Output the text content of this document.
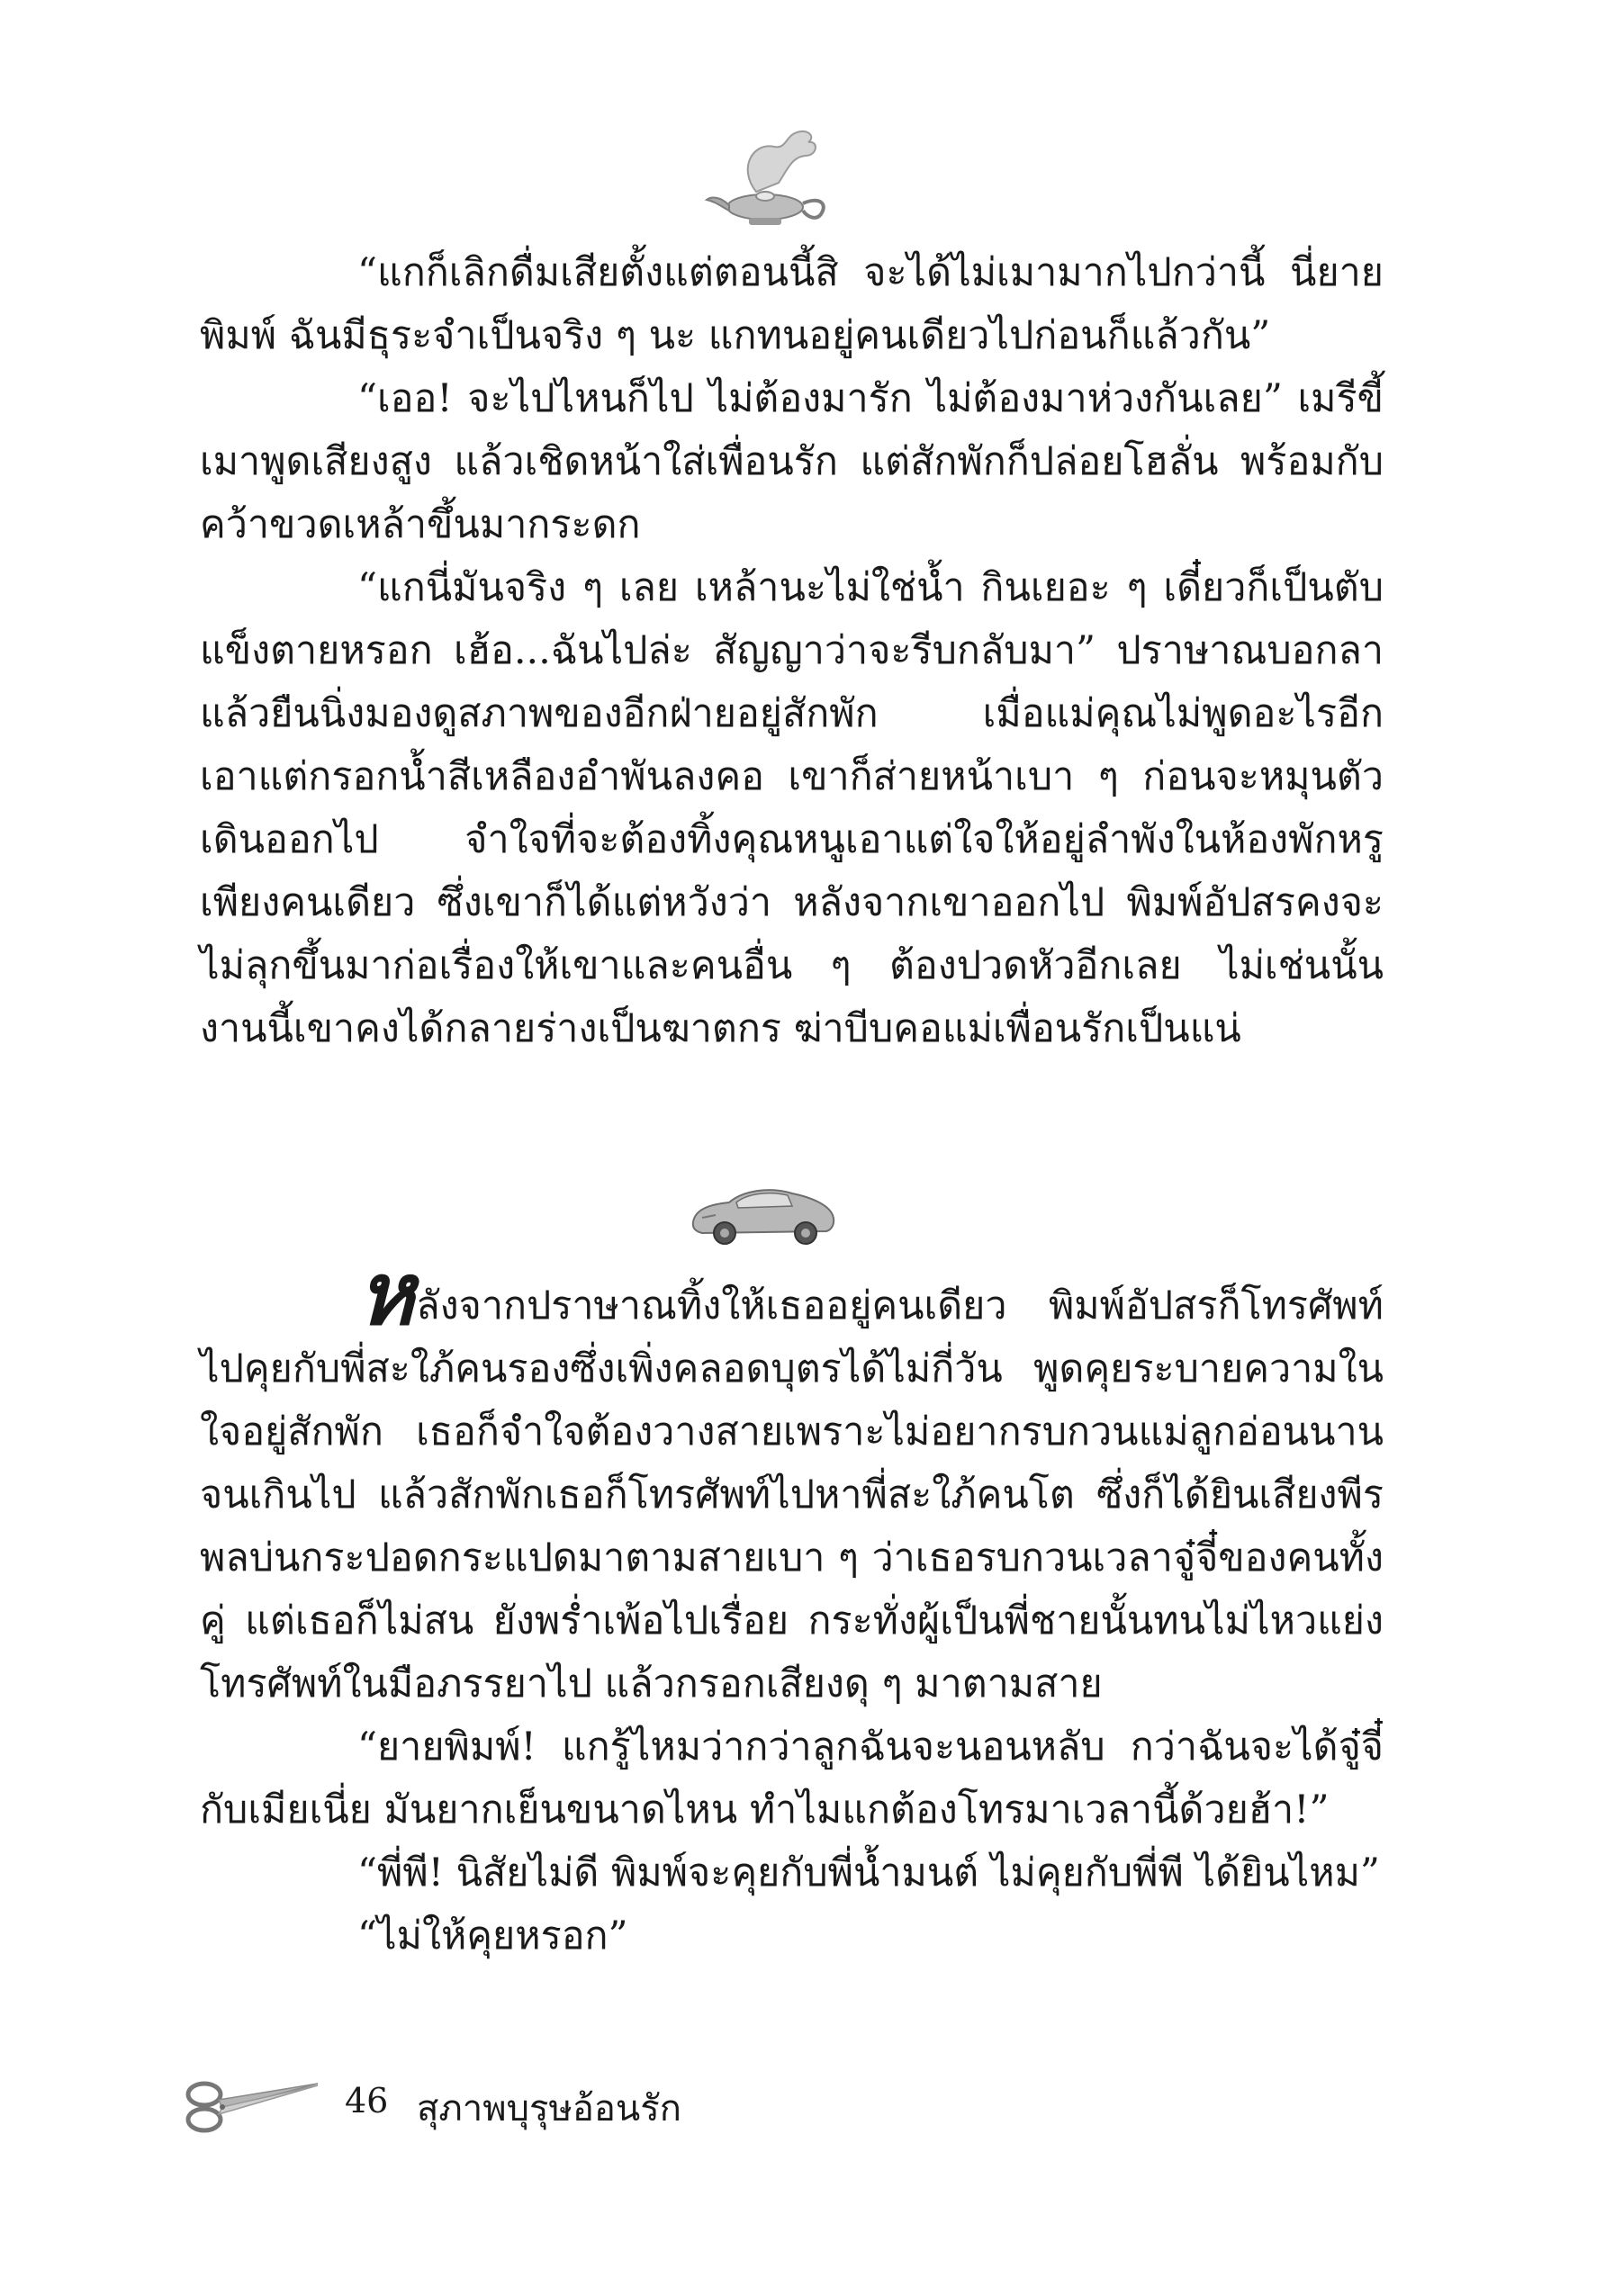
“แกก็เลิกดื่มเสียตั้งแต่ตอนนี้สิ จะได้ไม่เมามากไปกว่านี้ นี่ยายพิมพ์ ฉันมีธุระจำเป็นจริง ๆ นะ แกทนอยู่คนเดียวไปก่อนก็แล้วกัน”

“เออ! จะไปไหนก็ไป ไม่ต้องมารัก ไม่ต้องมาห่วงกันเลย” เมรีขี้เมาพูดเสียงสูง แล้วเชิดหน้าใส่เพื่อนรัก แต่สักพักก็ปล่อยโฮลั่น พร้อมกับคว้าขวดเหล้าขึ้นมากระดก

“แกนี่มันจริง ๆ เลย เหล้านะไม่ใช่น้ำ กินเยอะ ๆ เดี๋ยวก็เป็นตับแข็งตายหรอก เฮ้อ...ฉันไปล่ะ สัญญาว่าจะรีบกลับมา” ปราษาณบอกลา แล้วยืนนิ่งมองดูสภาพของอีกฝ่ายอยู่สักพัก เมื่อแม่คุณไม่พูดอะไรอีก เอาแต่กรอกน้ำสีเหลืองอำพันลงคอ เขาก็ส่ายหน้าเบา ๆ ก่อนจะหมุนตัวเดินออกไป จำใจที่จะต้องทิ้งคุณหนูเอาแต่ใจให้อยู่ลำพังในห้องพักหรูเพียงคนเดียว ซึ่งเขาก็ได้แต่หวังว่า หลังจากเขาออกไป พิมพ์อัปสรคงจะไม่ลุกขึ้นมาก่อเรื่องให้เขาและคนอื่น ๆ ต้องปวดหัวอีกเลย ไม่เช่นนั้น งานนี้เขาคงได้กลายร่างเป็นฆาตกร ฆ่าบีบคอแม่เพื่อนรักเป็นแน่

หลังจากปราษาณทิ้งให้เธออยู่คนเดียว พิมพ์อัปสรก็โทรศัพท์ไปคุยกับพี่สะใภ้คนรองซึ่งเพิ่งคลอดบุตรได้ไม่กี่วัน พูดคุยระบายความในใจอยู่สักพัก เธอก็จำใจต้องวางสายเพราะไม่อยากรบกวนแม่ลูกอ่อนนานจนเกินไป แล้วสักพักเธอก็โทรศัพท์ไปหาพี่สะใภ้คนโต ซึ่งก็ได้ยินเสียงพีรพลบ่นกระปอดกระแปดมาตามสายเบา ๆ ว่าเธอรบกวนเวลาจู๋จี๋ของคนทั้งคู่ แต่เธอก็ไม่สน ยังพร่ำเพ้อไปเรื่อย กระทั่งผู้เป็นพี่ชายนั้นทนไม่ไหวแย่งโทรศัพท์ในมือภรรยาไป แล้วกรอกเสียงดุ ๆ มาตามสาย

“ยายพิมพ์! แกรู้ไหมว่ากว่าลูกฉันจะนอนหลับ กว่าฉันจะได้จู๋จี๋กับเมียเนี่ย มันยากเย็นขนาดไหน ทำไมแกต้องโทรมาเวลานี้ด้วยฮ้า!”

“พี่พี! นิสัยไม่ดี พิมพ์จะคุยกับพี่น้ำมนต์ ไม่คุยกับพี่พี ได้ยินไหม”

“ไม่ให้คุยหรอก”

46 สุภาพบุรุษอ้อนรัก
